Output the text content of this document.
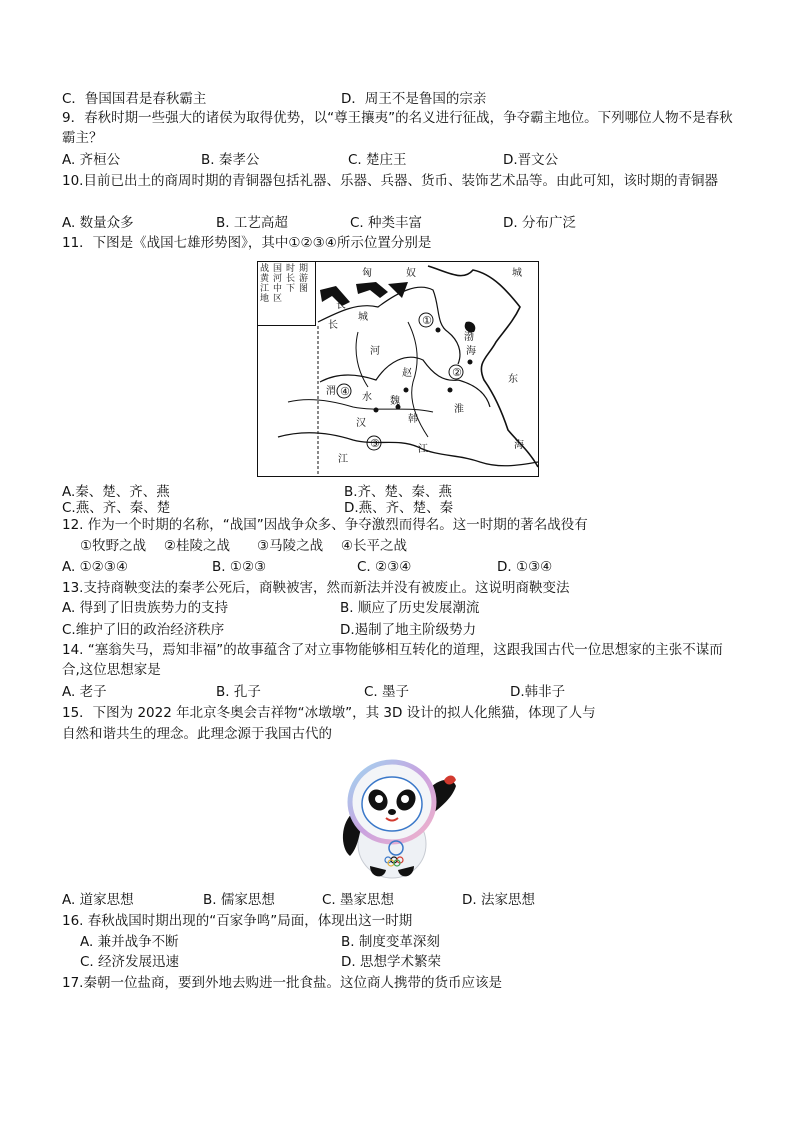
C．鲁国国君是春秋霸主	D．周王不是鲁国的宗亲
9．春秋时期一些强大的诸侯为取得优势，以“尊王攘夷”的名义进行征战，争夺霸主地位。下列哪位人物不是春秋霸主？
A. 齐桓公	B. 秦孝公	C. 楚庄王	D.晋文公
10.目前已出土的商周时期的青铜器包括礼器、乐器、兵器、货币、装饰艺术品等。由此可知，该时期的青铜器
A. 数量众多	B. 工艺高超	C. 种类丰富	D. 分布广泛
11．下图是《战国七雄形势图》，其中①②③④所示位置分别是
战 国 时 期
黄 河 长 游
江 中 下 图
地 区
①
②
③
④
匈	奴
长
城
河
赵
魏
韩
水
渭
汉
江
东
海
渤
海
淮
长
江
城
A.秦、楚、齐、燕	B.齐、楚、秦、燕
C.燕、齐、秦、楚	D.燕、齐、楚、秦
12. 作为一个时期的名称，“战国”因战争众多、争夺激烈而得名。这一时期的著名战役有
①牧野之战　 ②桂陵之战　　③马陵之战　 ④长平之战
A. ①②③④	B. ①②③	C. ②③④	D. ①③④
13.支持商鞅变法的秦孝公死后，商鞅被害，然而新法并没有被废止。这说明商鞅变法
A. 得到了旧贵族势力的支持	B. 顺应了历史发展潮流
C.维护了旧的政治经济秩序	D.遏制了地主阶级势力
14. “塞翁失马，焉知非福”的故事蕴含了对立事物能够相互转化的道理，这跟我国古代一位思想家的主张不谋而合,这位思想家是
A. 老子	B. 孔子	C. 墨子	D.韩非子
15．下图为 2022 年北京冬奥会吉祥物“冰墩墩”，其 3D 设计的拟人化熊猫，体现了人与
自然和谐共生的理念。此理念源于我国古代的
A. 道家思想	B. 儒家思想	C. 墨家思想	D. 法家思想
16. 春秋战国时期出现的“百家争鸣”局面，体现出这一时期
A. 兼并战争不断	B. 制度变革深刻
C. 经济发展迅速	D. 思想学术繁荣
17.秦朝一位盐商，要到外地去购进一批食盐。这位商人携带的货币应该是
